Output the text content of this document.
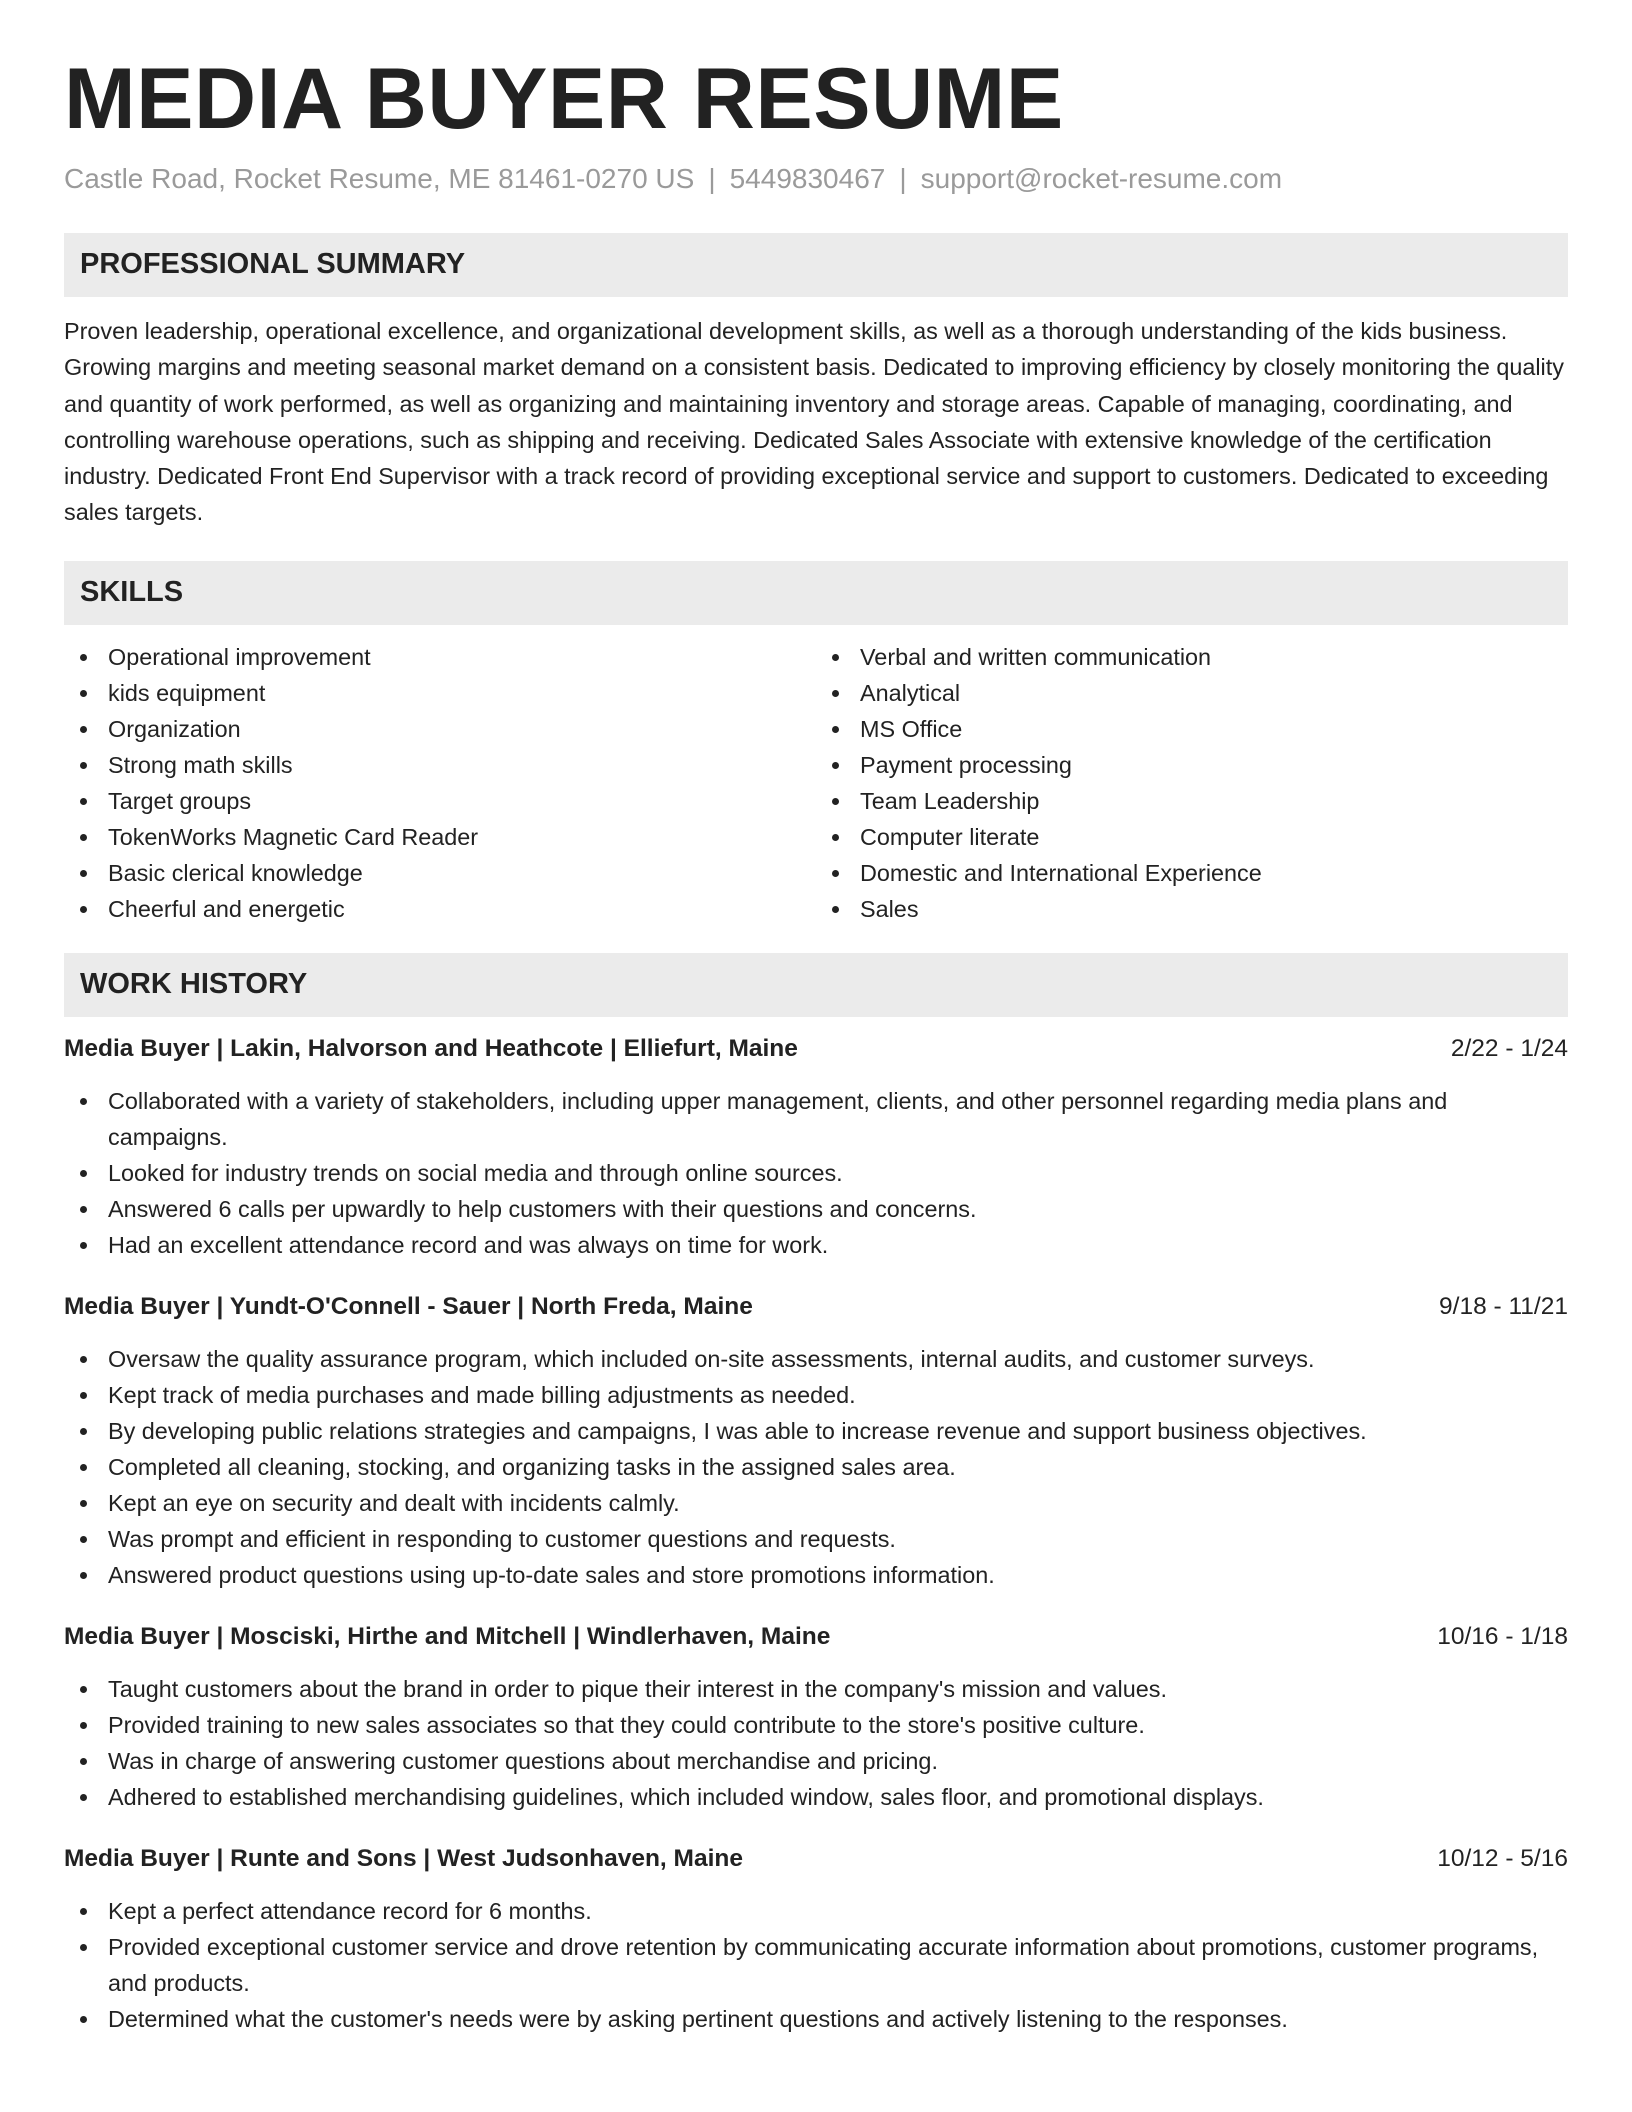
MEDIA BUYER RESUME
Castle Road, Rocket Resume, ME 81461-0270 US | 5449830467 | support@rocket-resume.com
PROFESSIONAL SUMMARY

Proven leadership, operational excellence, and organizational development skills, as well as a thorough understanding of the kids business. Growing margins and meeting seasonal market demand on a consistent basis. Dedicated to improving efficiency by closely monitoring the quality and quantity of work performed, as well as organizing and maintaining inventory and storage areas. Capable of managing, coordinating, and controlling warehouse operations, such as shipping and receiving. Dedicated Sales Associate with extensive knowledge of the certification industry. Dedicated Front End Supervisor with a track record of providing exceptional service and support to customers. Dedicated to exceeding sales targets.

SKILLS
Operational improvement
kids equipment
Organization
Strong math skills
Target groups
TokenWorks Magnetic Card Reader
Basic clerical knowledge
Cheerful and energetic
Verbal and written communication
Analytical
MS Office
Payment processing
Team Leadership
Computer literate
Domestic and International Experience
Sales
WORK HISTORY
Media Buyer | Lakin, Halvorson and Heathcote | Elliefurt, Maine	2/22 - 1/24
Collaborated with a variety of stakeholders, including upper management, clients, and other personnel regarding media plans and campaigns.
Looked for industry trends on social media and through online sources.
Answered 6 calls per upwardly to help customers with their questions and concerns.
Had an excellent attendance record and was always on time for work.
Media Buyer | Yundt-O'Connell - Sauer | North Freda, Maine	9/18 - 11/21
Oversaw the quality assurance program, which included on-site assessments, internal audits, and customer surveys.
Kept track of media purchases and made billing adjustments as needed.
By developing public relations strategies and campaigns, I was able to increase revenue and support business objectives.
Completed all cleaning, stocking, and organizing tasks in the assigned sales area.
Kept an eye on security and dealt with incidents calmly.
Was prompt and efficient in responding to customer questions and requests.
Answered product questions using up-to-date sales and store promotions information.
Media Buyer | Mosciski, Hirthe and Mitchell | Windlerhaven, Maine	10/16 - 1/18
Taught customers about the brand in order to pique their interest in the company's mission and values.
Provided training to new sales associates so that they could contribute to the store's positive culture.
Was in charge of answering customer questions about merchandise and pricing.
Adhered to established merchandising guidelines, which included window, sales floor, and promotional displays.
Media Buyer | Runte and Sons | West Judsonhaven, Maine	10/12 - 5/16
Kept a perfect attendance record for 6 months.
Provided exceptional customer service and drove retention by communicating accurate information about promotions, customer programs, and products.
Determined what the customer's needs were by asking pertinent questions and actively listening to the responses.
